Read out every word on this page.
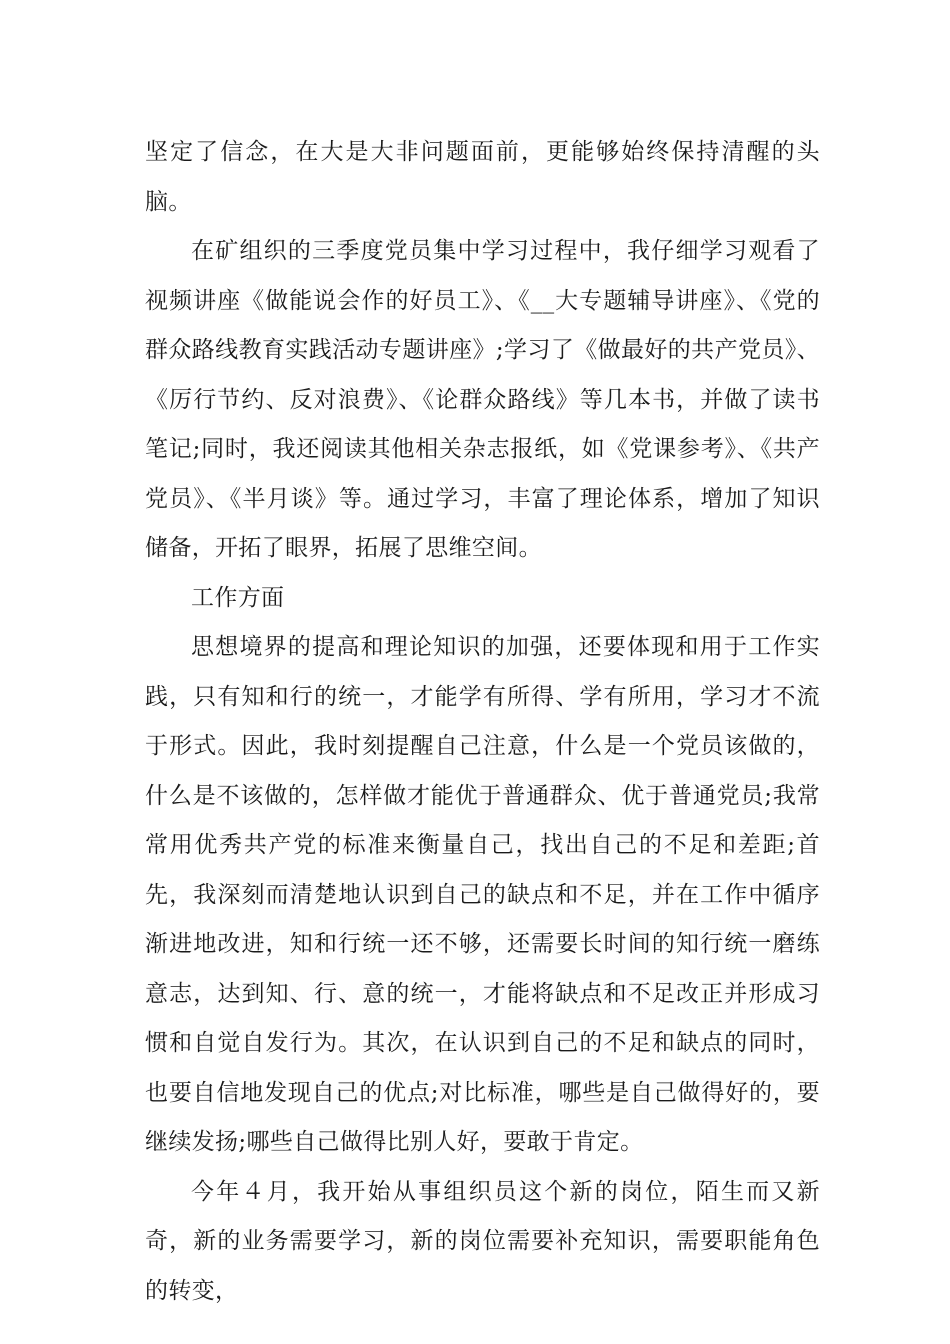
坚定了信念，在大是大非问题面前，更能够始终保持清醒的头脑。

在矿组织的三季度党员集中学习过程中，我仔细学习观看了视频讲座《做能说会作的好员工》、《__大专题辅导讲座》、《党的群众路线教育实践活动专题讲座》;学习了《做最好的共产党员》、《厉行节约、反对浪费》、《论群众路线》等几本书，并做了读书笔记;同时，我还阅读其他相关杂志报纸，如《党课参考》、《共产党员》、《半月谈》等。通过学习，丰富了理论体系，增加了知识储备，开拓了眼界，拓展了思维空间。

工作方面

思想境界的提高和理论知识的加强，还要体现和用于工作实践，只有知和行的统一，才能学有所得、学有所用，学习才不流于形式。因此，我时刻提醒自己注意，什么是一个党员该做的，什么是不该做的，怎样做才能优于普通群众、优于普通党员;我常常用优秀共产党的标准来衡量自己，找出自己的不足和差距;首先，我深刻而清楚地认识到自己的缺点和不足，并在工作中循序渐进地改进，知和行统一还不够，还需要长时间的知行统一磨练意志，达到知、行、意的统一，才能将缺点和不足改正并形成习惯和自觉自发行为。其次，在认识到自己的不足和缺点的同时，也要自信地发现自己的优点;对比标准，哪些是自己做得好的，要继续发扬;哪些自己做得比别人好，要敢于肯定。

今年４月，我开始从事组织员这个新的岗位，陌生而又新奇，新的业务需要学习，新的岗位需要补充知识，需要职能角色的转变，
